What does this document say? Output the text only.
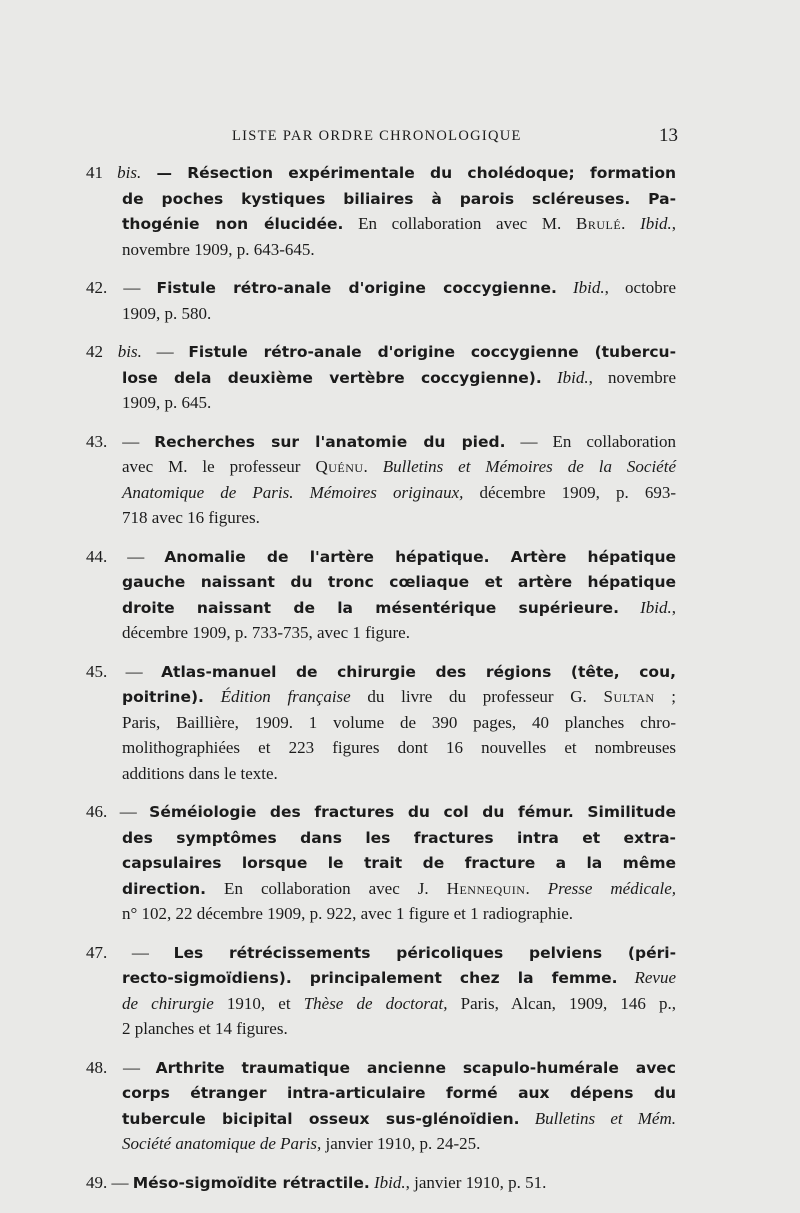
LISTE PAR ORDRE CHRONOLOGIQUE	13
41 bis. — Résection expérimentale du cholédoque; formation
de poches kystiques biliaires à parois scléreuses. Pa-
thogénie non élucidée. En collaboration avec M. Brulé. Ibid.,
novembre 1909, p. 643-645.
42. — Fistule rétro-anale d'origine coccygienne. Ibid., octobre
1909, p. 580.
42 bis. — Fistule rétro-anale d'origine coccygienne (tubercu-
lose dela deuxième vertèbre coccygienne). Ibid., novembre
1909, p. 645.
43. — Recherches sur l'anatomie du pied. — En collaboration
avec M. le professeur Quénu. Bulletins et Mémoires de la Société
Anatomique de Paris. Mémoires originaux, décembre 1909, p. 693-
718 avec 16 figures.
44. — Anomalie de l'artère hépatique. Artère hépatique
gauche naissant du tronc cœliaque et artère hépatique
droite naissant de la mésentérique supérieure. Ibid.,
décembre 1909, p. 733-735, avec 1 figure.
45. — Atlas-manuel de chirurgie des régions (tête, cou,
poitrine). Édition française du livre du professeur G. Sultan ;
Paris, Baillière, 1909. 1 volume de 390 pages, 40 planches chro-
molithographiées et 223 figures dont 16 nouvelles et nombreuses
additions dans le texte.
46. — Séméiologie des fractures du col du fémur. Similitude
des symptômes dans les fractures intra et extra-
capsulaires lorsque le trait de fracture a la même
direction. En collaboration avec J. Hennequin. Presse médicale,
n° 102, 22 décembre 1909, p. 922, avec 1 figure et 1 radiographie.
47. — Les rétrécissements péricoliques pelviens (péri-
recto-sigmoïdiens). principalement chez la femme. Revue
de chirurgie 1910, et Thèse de doctorat, Paris, Alcan, 1909, 146 p.,
2 planches et 14 figures.
48. — Arthrite traumatique ancienne scapulo-humérale avec
corps étranger intra-articulaire formé aux dépens du
tubercule bicipital osseux sus-glénoïdien. Bulletins et Mém.
Société anatomique de Paris, janvier 1910, p. 24-25.
49. — Méso-sigmoïdite rétractile. Ibid., janvier 1910, p. 51.
